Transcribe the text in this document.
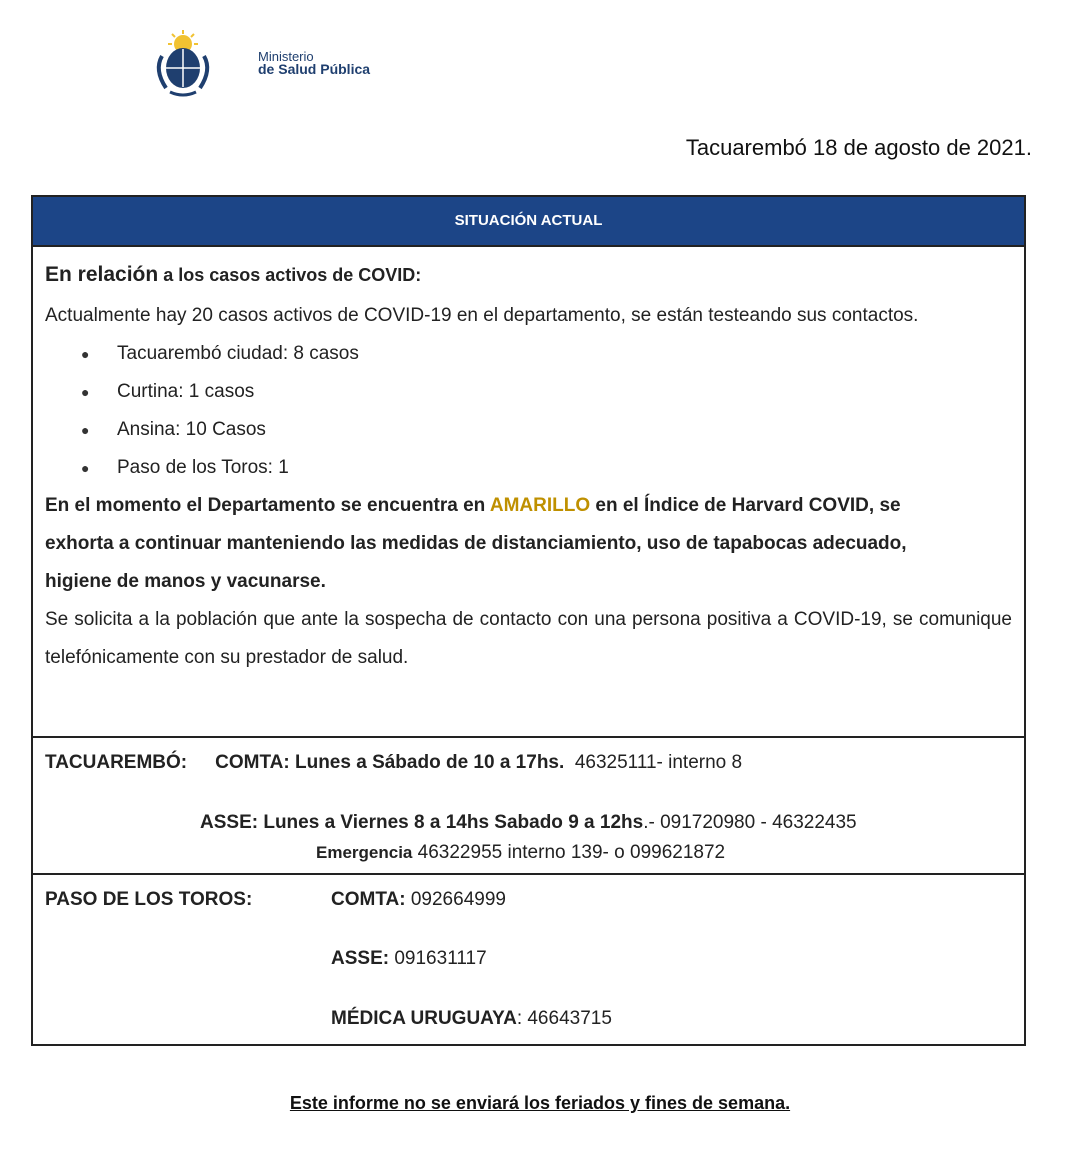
Ministerio
de Salud Pública
Tacuarembó 18 de agosto de 2021.
SITUACIÓN ACTUAL
En relación a los casos activos de COVID:

Actualmente hay 20 casos activos de COVID-19 en el departamento, se están testeando sus contactos.

● Tacuarembó ciudad: 8 casos
● Curtina: 1 casos
● Ansina: 10 Casos
● Paso de los Toros: 1

En el momento el Departamento se encuentra en AMARILLO en el Índice de Harvard COVID, se exhorta a continuar manteniendo las medidas de distanciamiento, uso de tapabocas adecuado, higiene de manos y vacunarse.

Se solicita a la población que ante la sospecha de contacto con una persona positiva a COVID-19, se comunique telefónicamente con su prestador de salud.

TACUAREMBÓ: COMTA: Lunes a Sábado de 10 a 17hs. 46325111- interno 8
ASSE: Lunes a Viernes 8 a 14hs Sabado 9 a 12hs.- 091720980 - 46322435
Emergencia 46322955 interno 139- o 099621872
PASO DE LOS TOROS:	COMTA: 092664999
ASSE: 091631117
MÉDICA URUGUAYA: 46643715
Este informe no se enviará los feriados y fines de semana.
